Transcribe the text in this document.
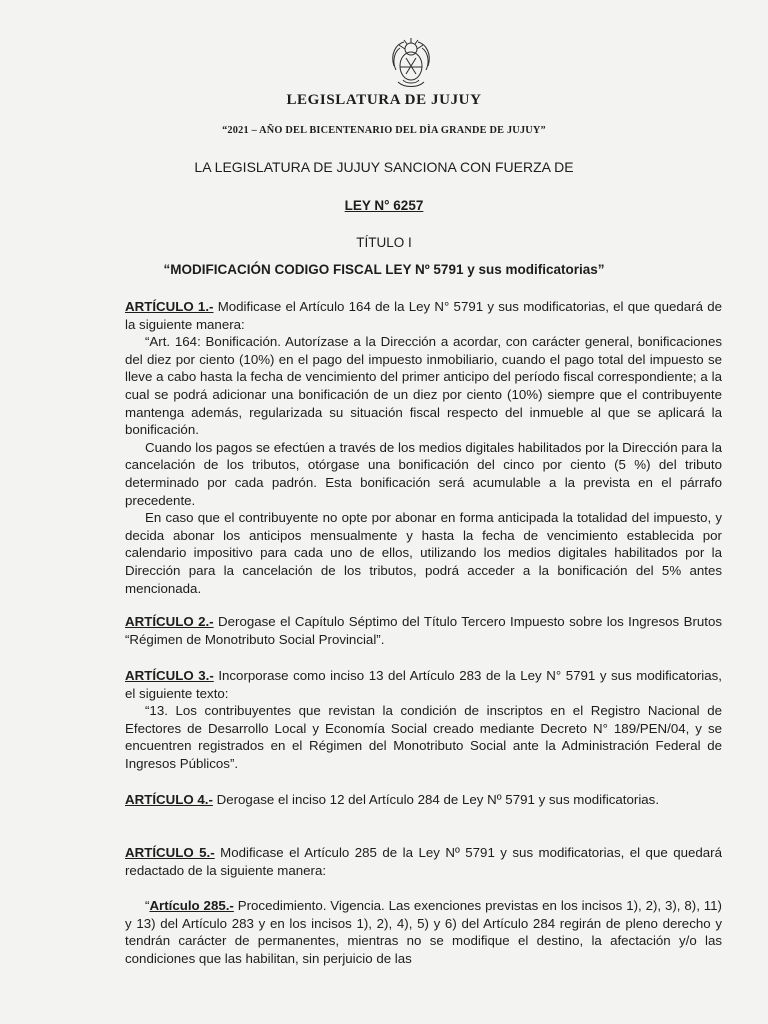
LEGISLATURA DE JUJUY
“2021 – AÑO DEL BICENTENARIO DEL DÌA GRANDE DE JUJUY”
LA LEGISLATURA DE JUJUY SANCIONA CON FUERZA DE
LEY N° 6257
TÍTULO I
“MODIFICACIÓN CODIGO FISCAL LEY Nº 5791 y sus modificatorias”

ARTÍCULO 1.- Modificase el Artículo 164 de la Ley N° 5791 y sus modificatorias, el que quedará de la siguiente manera:

“Art. 164: Bonificación. Autorízase a la Dirección a acordar, con carácter general, bonificaciones del diez por ciento (10%) en el pago del impuesto inmobiliario, cuando el pago total del impuesto se lleve a cabo hasta la fecha de vencimiento del primer anticipo del período fiscal correspondiente; a la cual se podrá adicionar una bonificación de un diez por ciento (10%) siempre que el contribuyente mantenga además, regularizada su situación fiscal respecto del inmueble al que se aplicará la bonificación.

Cuando los pagos se efectúen a través de los medios digitales habilitados por la Dirección para la cancelación de los tributos, otórgase una bonificación del cinco por ciento (5 %) del tributo determinado por cada padrón. Esta bonificación será acumulable a la prevista en el párrafo precedente.

En caso que el contribuyente no opte por abonar en forma anticipada la totalidad del impuesto, y decida abonar los anticipos mensualmente y hasta la fecha de vencimiento establecida por calendario impositivo para cada uno de ellos, utilizando los medios digitales habilitados por la Dirección para la cancelación de los tributos, podrá acceder a la bonificación del 5% antes mencionada.

ARTÍCULO 2.- Derogase el Capítulo Séptimo del Título Tercero Impuesto sobre los Ingresos Brutos “Régimen de Monotributo Social Provincial”.

ARTÍCULO 3.- Incorporase como inciso 13 del Artículo 283 de la Ley N° 5791 y sus modificatorias, el siguiente texto:

“13. Los contribuyentes que revistan la condición de inscriptos en el Registro Nacional de Efectores de Desarrollo Local y Economía Social creado mediante Decreto N° 189/PEN/04, y se encuentren registrados en el Régimen del Monotributo Social ante la Administración Federal de Ingresos Públicos”.

ARTÍCULO 4.- Derogase el inciso 12 del Artículo 284 de Ley Nº 5791 y sus modificatorias.

ARTÍCULO 5.- Modificase el Artículo 285 de la Ley Nº 5791 y sus modificatorias, el que quedará redactado de la siguiente manera:

“Artículo 285.- Procedimiento. Vigencia. Las exenciones previstas en los incisos 1), 2), 3), 8), 11) y 13) del Artículo 283 y en los incisos 1), 2), 4), 5) y 6) del Artículo 284 regirán de pleno derecho y tendrán carácter de permanentes, mientras no se modifique el destino, la afectación y/o las condiciones que las habilitan, sin perjuicio de las
